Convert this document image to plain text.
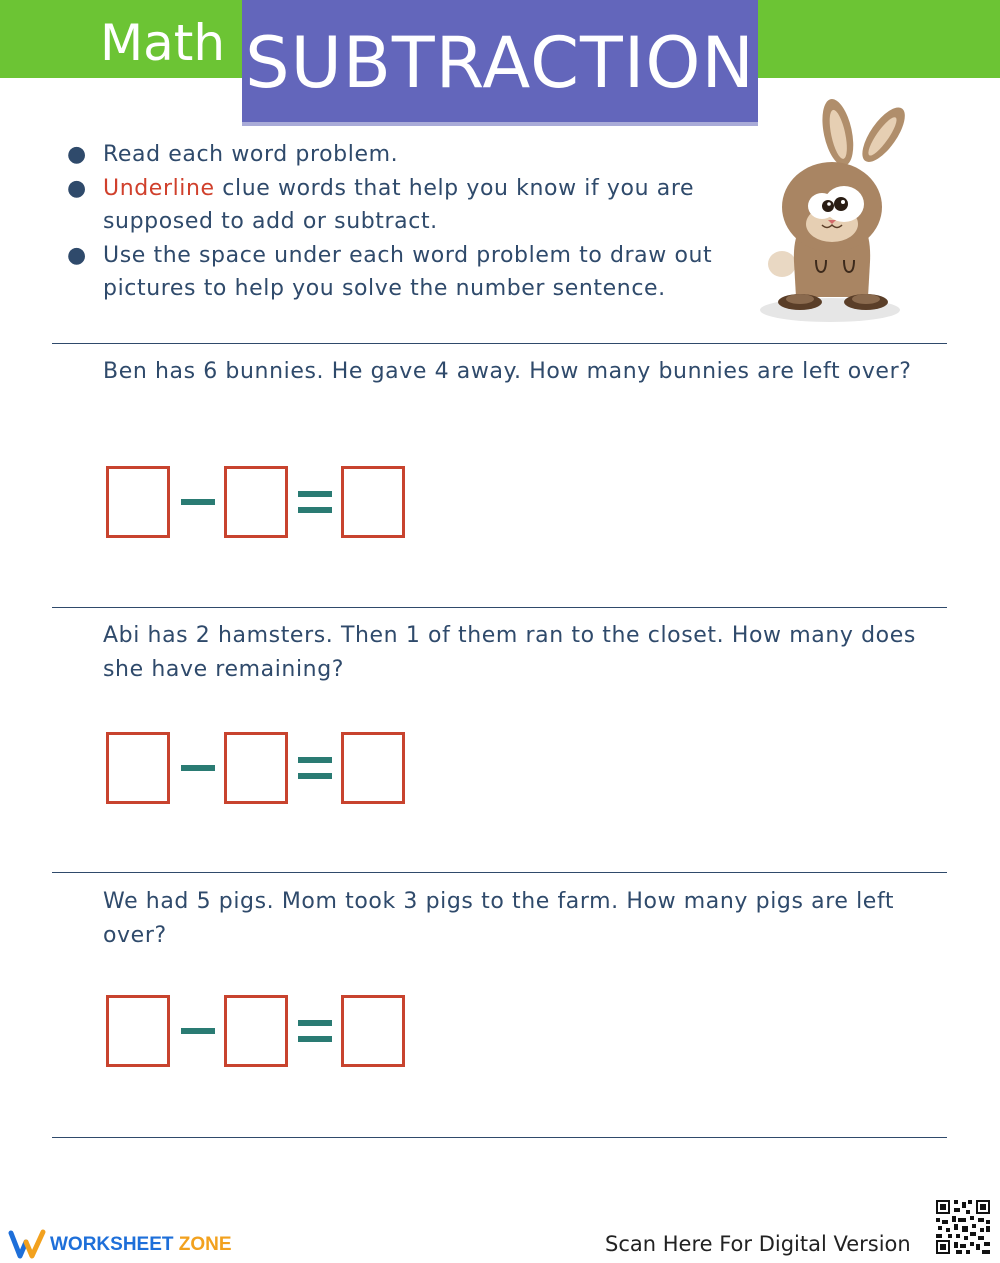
Math SUBTRACTION
● Read each word problem.
● Underline clue words that help you know if you are supposed to add or subtract.
● Use the space under each word problem to draw out pictures to help you solve the number sentence.
Ben has 6 bunnies. He gave 4 away. How many bunnies are left over?
Abi has 2 hamsters. Then 1 of them ran to the closet. How many does she have remaining?
We had 5 pigs. Mom took 3 pigs to the farm. How many pigs are left over?
WORKSHEET ZONE	Scan Here For Digital Version
